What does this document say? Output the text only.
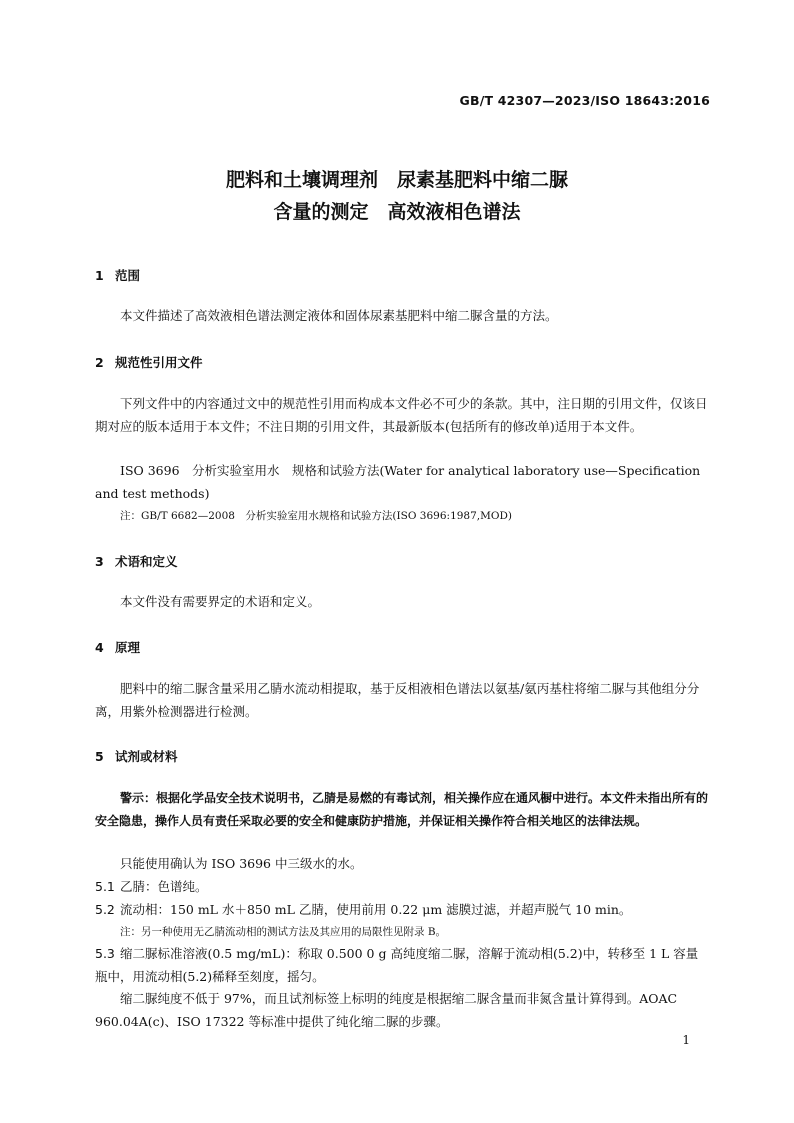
GB/T 42307—2023/ISO 18643:2016
肥料和土壤调理剂　尿素基肥料中缩二脲
含量的测定　高效液相色谱法
1 范围
本文件描述了高效液相色谱法测定液体和固体尿素基肥料中缩二脲含量的方法。
2 规范性引用文件
下列文件中的内容通过文中的规范性引用而构成本文件必不可少的条款。其中，注日期的引用文件，仅该日期对应的版本适用于本文件；不注日期的引用文件，其最新版本(包括所有的修改单)适用于本文件。
ISO 3696　分析实验室用水　规格和试验方法(Water for analytical laboratory use—Specification and test methods)
注：GB/T 6682—2008　分析实验室用水规格和试验方法(ISO 3696:1987,MOD)
3 术语和定义
本文件没有需要界定的术语和定义。
4 原理
肥料中的缩二脲含量采用乙腈水流动相提取，基于反相液相色谱法以氨基/氨丙基柱将缩二脲与其他组分分离，用紫外检测器进行检测。
5 试剂或材料
警示：根据化学品安全技术说明书，乙腈是易燃的有毒试剂，相关操作应在通风橱中进行。本文件未指出所有的安全隐患，操作人员有责任采取必要的安全和健康防护措施，并保证相关操作符合相关地区的法律法规。
只能使用确认为 ISO 3696 中三级水的水。
5.1 乙腈：色谱纯。
5.2 流动相：150 mL 水＋850 mL 乙腈，使用前用 0.22 μm 滤膜过滤，并超声脱气 10 min。
注：另一种使用无乙腈流动相的测试方法及其应用的局限性见附录 B。
5.3 缩二脲标准溶液(0.5 mg/mL)：称取 0.500 0 g 高纯度缩二脲，溶解于流动相(5.2)中，转移至 1 L 容量瓶中，用流动相(5.2)稀释至刻度，摇匀。
缩二脲纯度不低于 97%，而且试剂标签上标明的纯度是根据缩二脲含量而非氮含量计算得到。AOAC 960.04A(c)、ISO 17322 等标准中提供了纯化缩二脲的步骤。
1
